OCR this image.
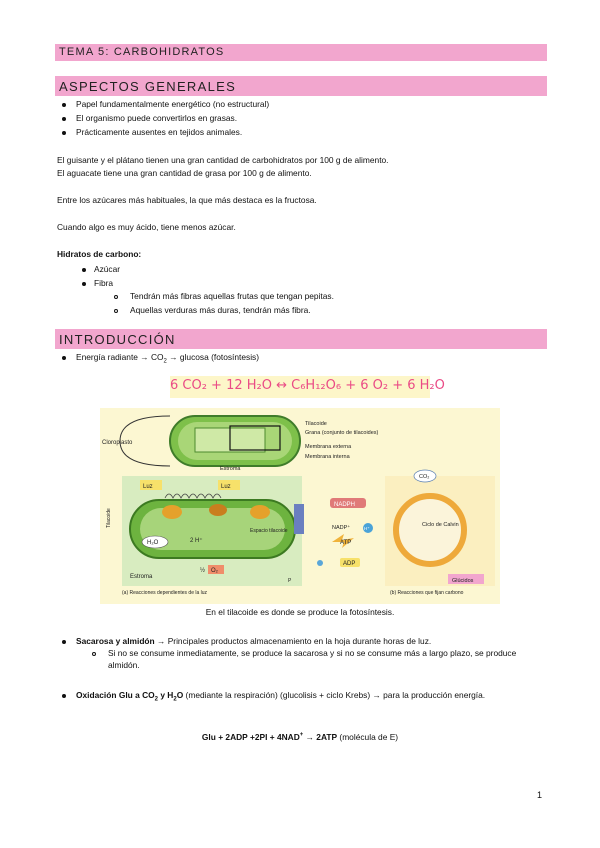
TEMA 5: CARBOHIDRATOS
ASPECTOS GENERALES
Papel fundamentalmente energético (no estructural)
El organismo puede convertirlos en grasas.
Prácticamente ausentes en tejidos animales.
El guisante y el plátano tienen una gran cantidad de carbohidratos por 100 g de alimento.
El aguacate tiene una gran cantidad de grasa por 100 g de alimento.
Entre los azúcares más habituales, la que más destaca es la fructosa.
Cuando algo es muy ácido, tiene menos azúcar.
Hidratos de carbono:
Azúcar
Fibra
Tendrán más fibras aquellas frutas que tengan pepitas.
Aquellas verduras más duras, tendrán más fibra.
INTRODUCCIÓN
Energía radiante → $CO_2 \to glucosa$ (fotosíntesis)
6 CO₂ + 12 H₂O ↔ C₆H₁₂O₆ + 6 O₂ + 6 H₂O
Cloroplasto
Tilacoide
Grana (conjunto de tilacoides)
Membrana externa
Membrana interna
Estroma
Tilacoide
Luz	Luz
Espacio tilacoide
H₂O	2 H⁺
Estroma
½ O₂
P
NADPH
NADP⁺	H⁺
ATP
ADP
Ciclo de Calvin
CO₂
Glúcidos
(a) Reacciones dependientes de la luz	(b) Reacciones que fijan carbono
En el tilacoide es donde se produce la fotosíntesis.
Sacarosa y almidón → Principales productos almacenamiento en la hoja durante horas de luz.
Si no se consume inmediatamente, se produce la sacarosa y si no se consume más a largo plazo, se produce almidón.
Oxidación Glu a $CO_2$ y $H_2O$ (mediante la respiración) (glucolisis + ciclo Krebs) → para la producción energía.
Glu + 2ADP +2PI + 4NAD+ → 2ATP (molécula de E)
1
